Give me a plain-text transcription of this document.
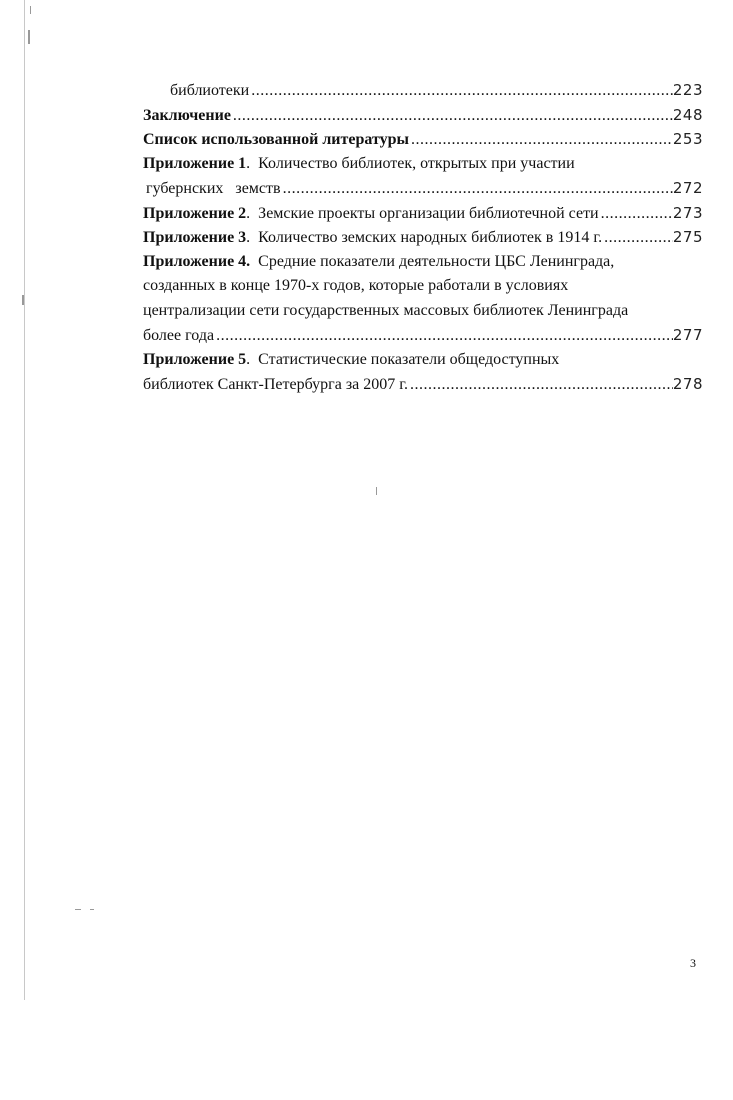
библиотеки .....	223
Заключение .....	248
Список использованной литературы .....	253
Приложение 1.  Количество библиотек, открытых при участии
губернских   земств .....	272
Приложение 2 .  Земские проекты организации библиотечной сети .....	273
Приложение 3 .  Количество земских народных библиотек в 1914 г. .....	275
Приложение 4.  Средние показатели деятельности ЦБС Ленинграда,
созданных в конце 1970-х годов, которые работали в условиях
централизации сети государственных массовых библиотек Ленинграда
более года .....	277
Приложение 5.  Статистические показатели общедоступных
библиотек Санкт-Петербурга за 2007 г. .....	278
3
